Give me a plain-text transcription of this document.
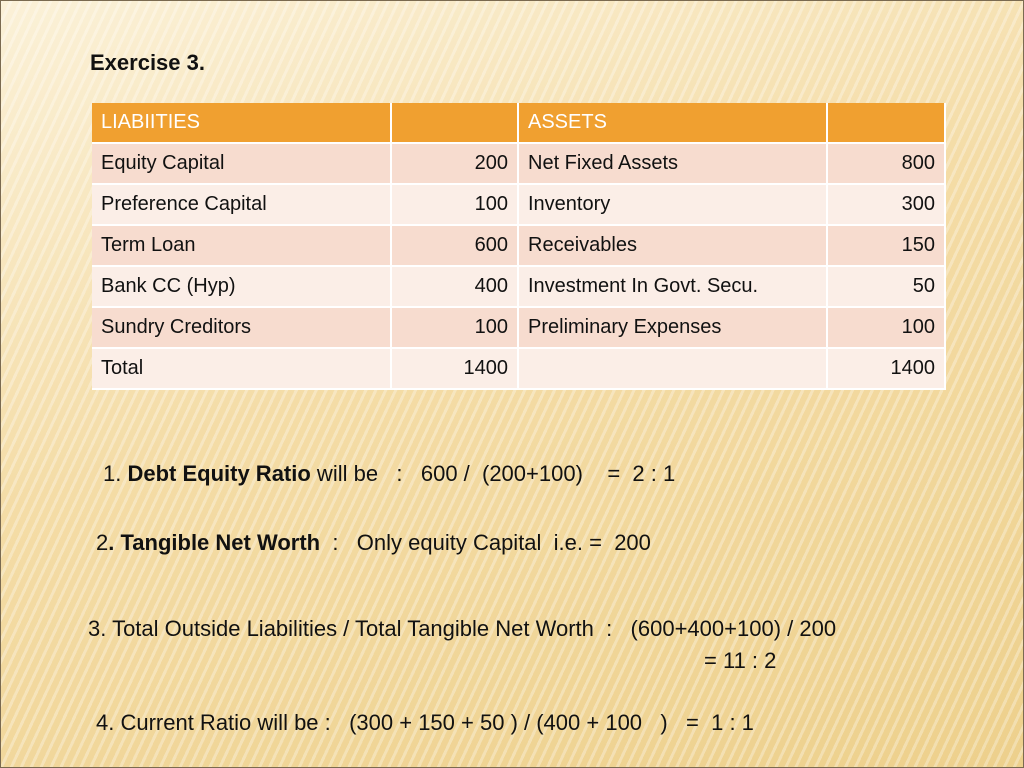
Exercise 3.
LIABIITIES		ASSETS	
Equity Capital	200	Net Fixed Assets	800
Preference Capital	100	Inventory	300
Term Loan	600	Receivables	150
Bank CC (Hyp)	400	Investment In Govt. Secu.	50
Sundry Creditors	100	Preliminary Expenses	100
Total	1400		1400
1. Debt Equity Ratio will be   :   600 /  (200+100)    =  2 : 1
2. Tangible Net Worth  :   Only equity Capital  i.e. =  200
3. Total Outside Liabilities / Total Tangible Net Worth  :   (600+400+100) / 200
= 11 : 2
4. Current Ratio will be :   (300 + 150 + 50 ) / (400 + 100   )   =  1 : 1
